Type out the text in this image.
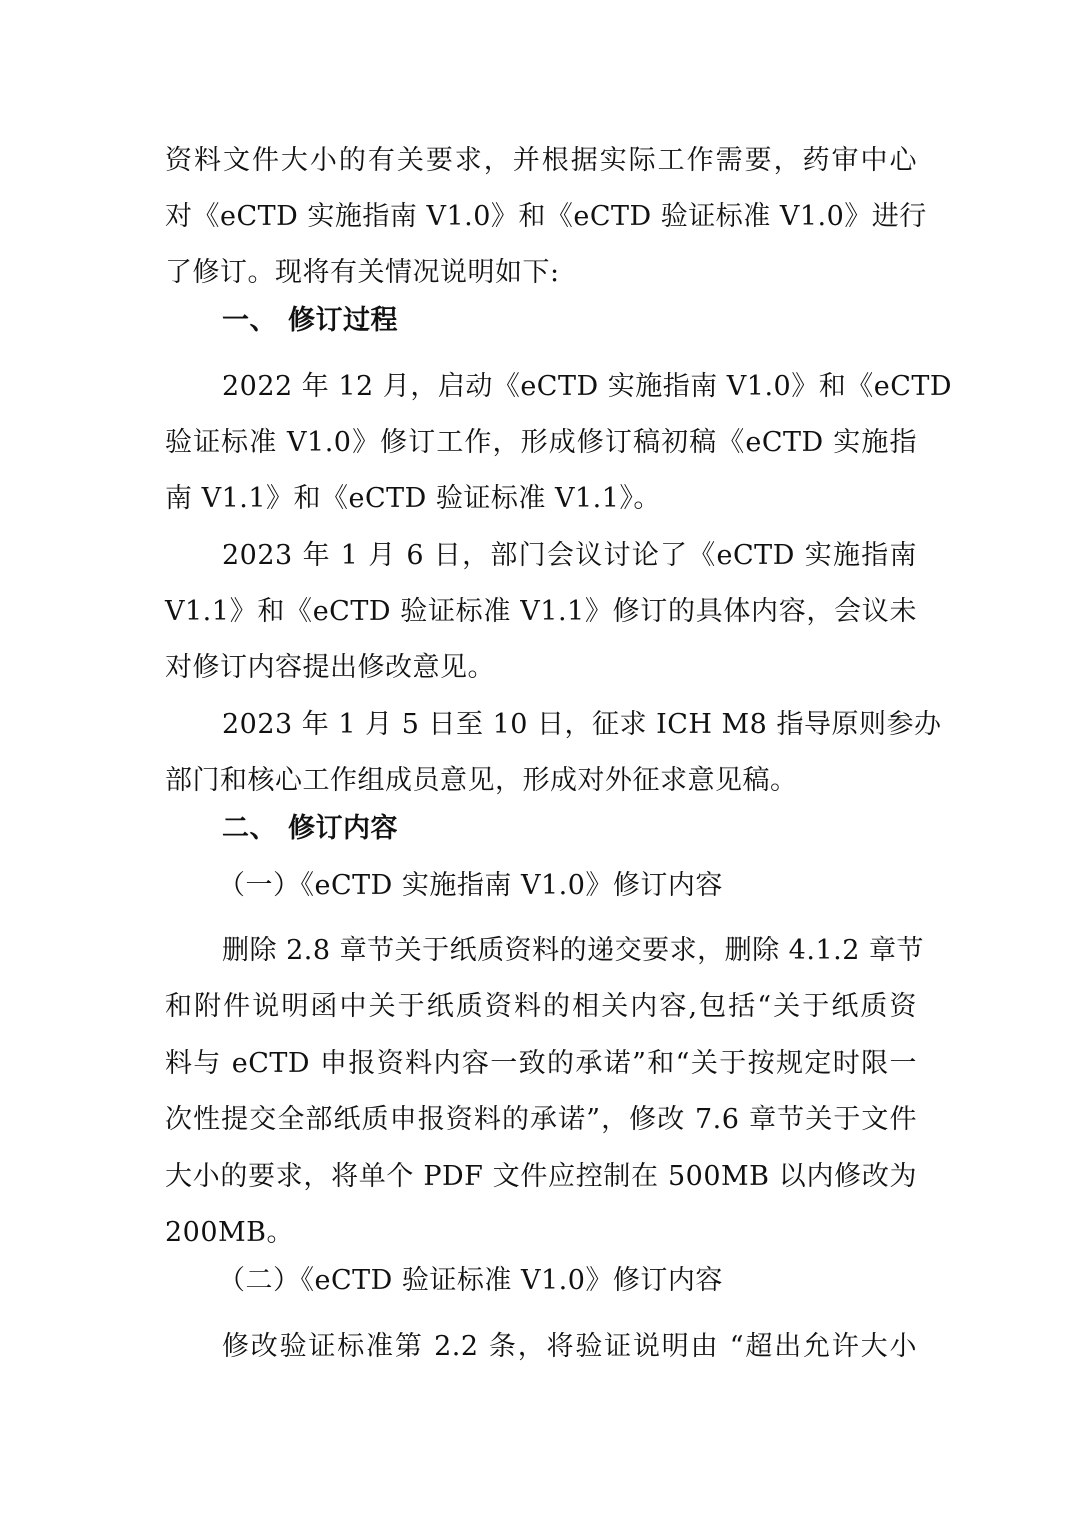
资料文件大小的有关要求，并根据实际工作需要，药审中心
对《eCTD 实施指南 V1.0》和《eCTD 验证标准 V1.0》进行
了修订。现将有关情况说明如下:
一、 修订过程
2022 年 12 月，启动《eCTD 实施指南 V1.0》和《eCTD
验证标准 V1.0》修订工作，形成修订稿初稿《eCTD 实施指
南 V1.1》和《eCTD 验证标准 V1.1》。
2023 年 1 月 6 日，部门会议讨论了《eCTD 实施指南
V1.1》和《eCTD 验证标准 V1.1》修订的具体内容，会议未
对修订内容提出修改意见。
2023 年 1 月 5 日至 10 日，征求 ICH M8 指导原则参办
部门和核心工作组成员意见，形成对外征求意见稿。
二、 修订内容
（一）《eCTD 实施指南 V1.0》修订内容
删除 2.8 章节关于纸质资料的递交要求，删除 4.1.2 章节
和附件说明函中关于纸质资料的相关内容,包括“关于纸质资
料与 eCTD 申报资料内容一致的承诺”和“关于按规定时限一
次性提交全部纸质申报资料的承诺”，修改 7.6 章节关于文件
大小的要求，将单个 PDF 文件应控制在 500MB 以内修改为
200MB。
（二）《eCTD 验证标准 V1.0》修订内容
修改验证标准第 2.2 条，将验证说明由 “超出允许大小
